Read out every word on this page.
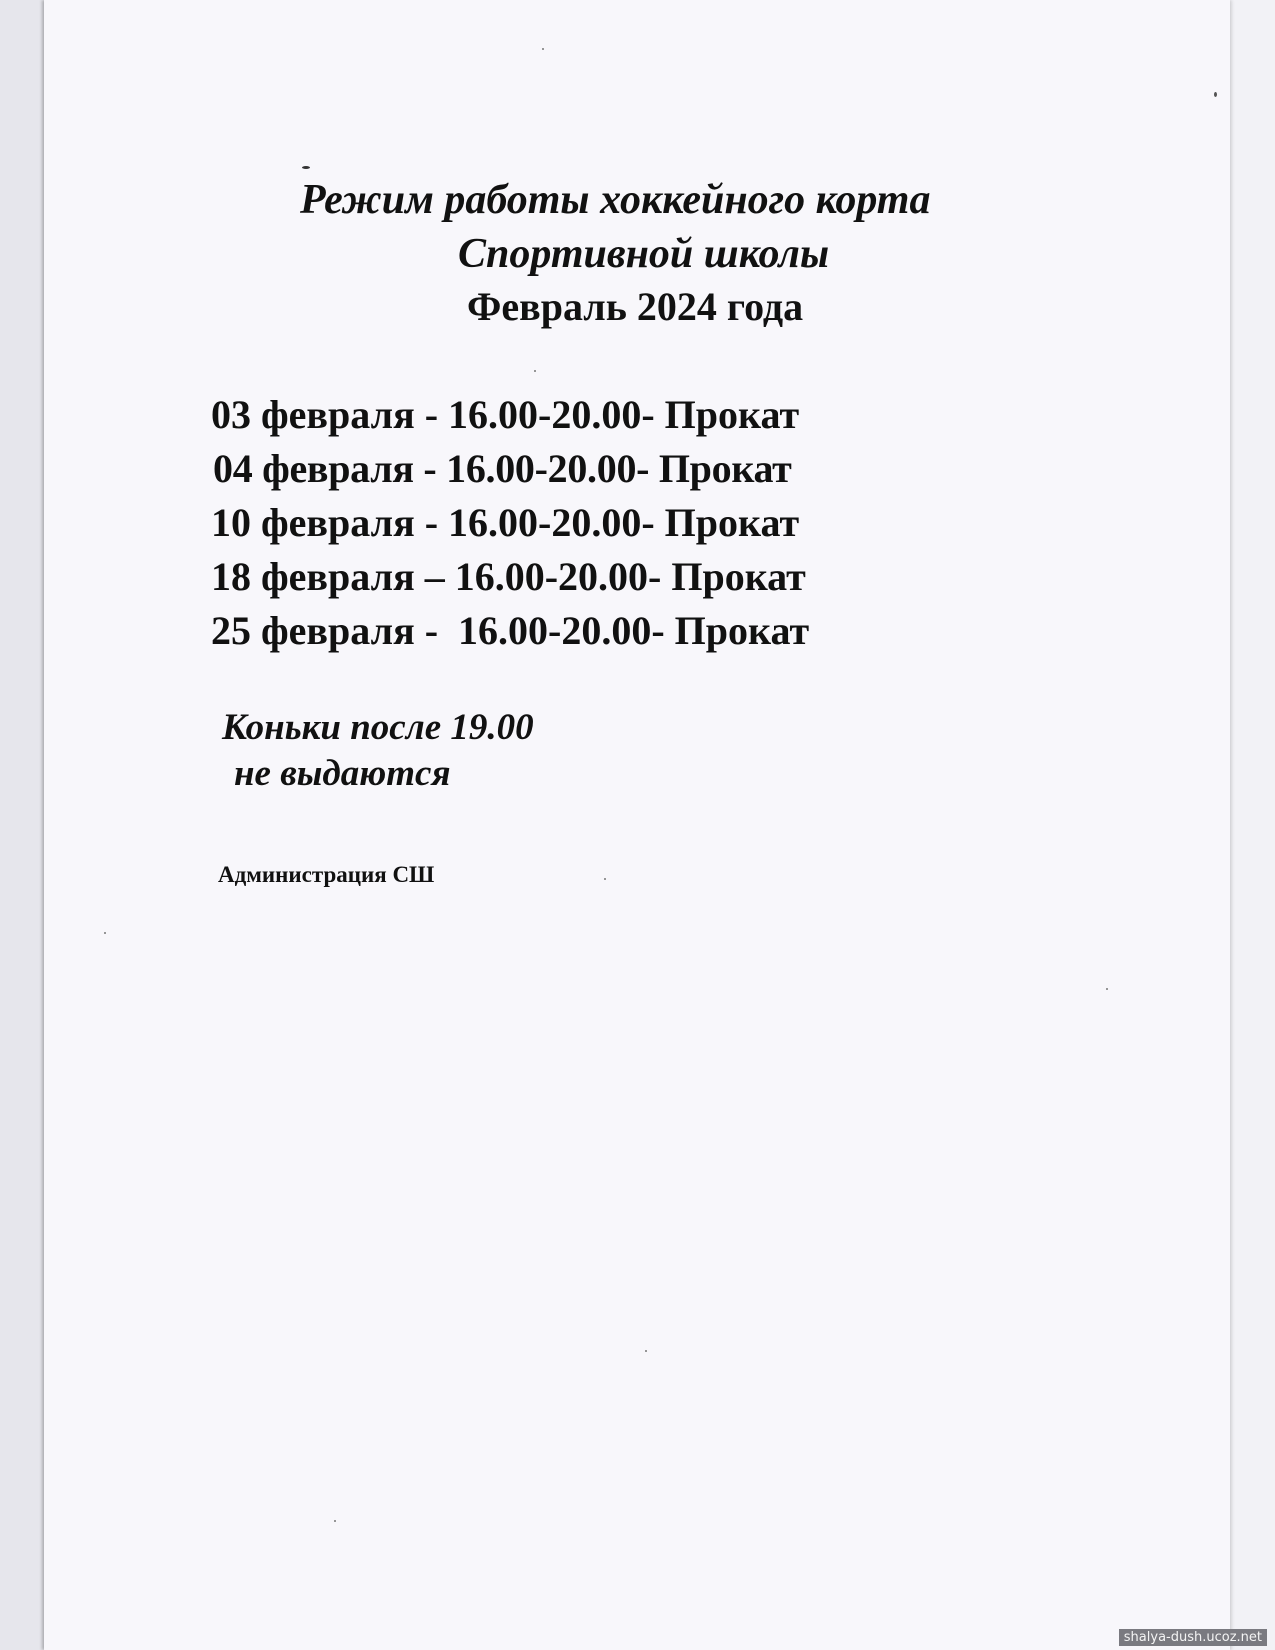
Режим работы хоккейного корта

Спортивной школы

Февраль 2024 года

03 февраля - 16.00-20.00- Прокат
04 февраля - 16.00-20.00- Прокат
10 февраля - 16.00-20.00- Прокат
18 февраля – 16.00-20.00- Прокат
25 февраля -  16.00-20.00- Прокат

Коньки после 19.00

не выдаются

Администрация СШ

shalya-dush.ucoz.net
